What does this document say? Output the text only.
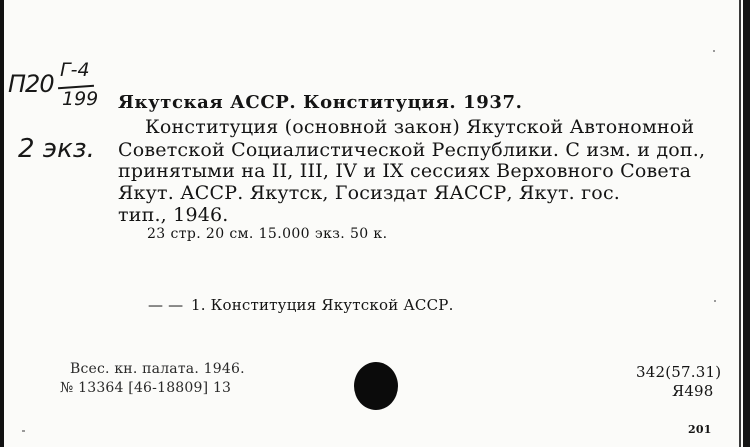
П20 Г-4
199
2 экз.
Якутская АССР. Конституция. 1937.
Конституция (основной закон) Якутской Автономной
Советской Социалистической Республики. С изм. и доп.,
принятыми на II, III, IV и IX сессиях Верховного Совета
Якут. АССР. Якутск, Госиздат ЯАССР, Якут. гос.
тип., 1946.
23 стр. 20 см. 15.000 экз. 50 к.
— — 1. Конституция Якутской АССР.
Всес. кн. палата. 1946.
№ 13364 [46-18809] 13
342(57.31)
Я498
201
